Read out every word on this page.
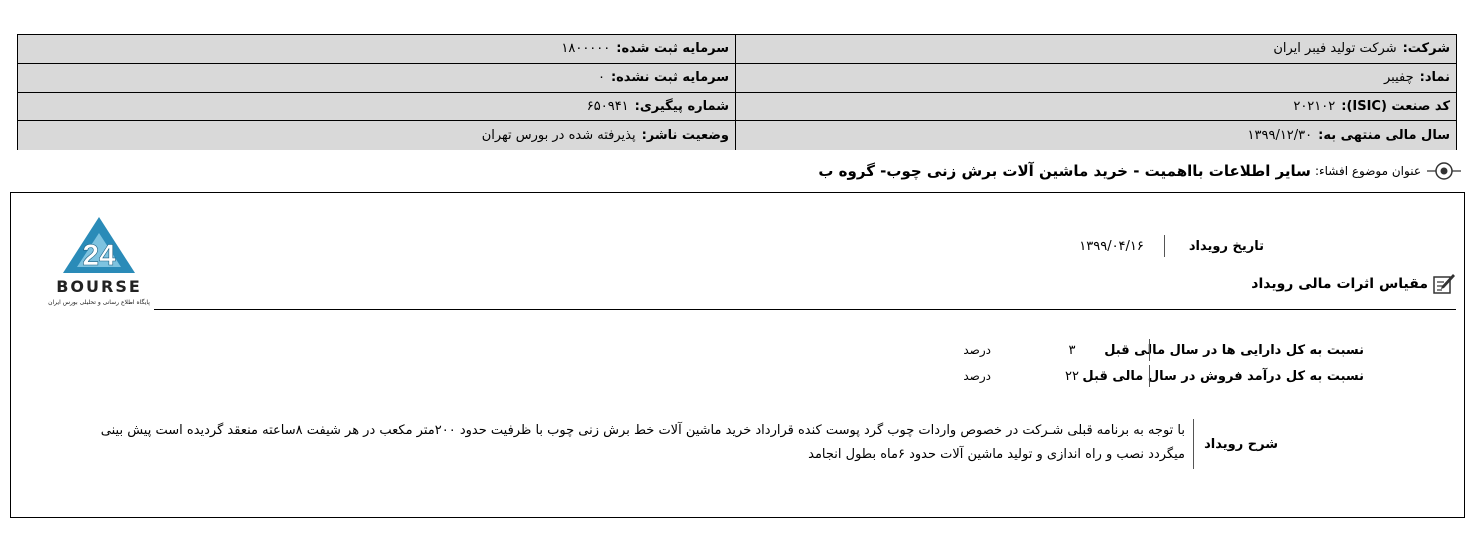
شرکت:
شرکت تولید فیبر ایران
سرمایه ثبت شده:
۱۸۰۰۰۰۰
نماد:
چفیبر
سرمایه ثبت نشده:
۰
کد صنعت (ISIC):
۲۰۲۱۰۲
شماره پیگیری:
۶۵۰۹۴۱
سال مالی منتهی به:
۱۳۹۹/۱۲/۳۰
وضعیت ناشر:
پذیرفته شده در بورس تهران
عنوان موضوع افشاء:
سایر اطلاعات بااهمیت - خرید ماشین آلات برش زنی چوب- گروه ب
24
BOURSE
پایگاه اطلاع رسانی و تحلیلی بورس ایران
تاریخ رویداد
۱۳۹۹/۰۴/۱۶
مقیاس اثرات مالی رویداد
نسبت به کل دارایی ها در سال مالی قبل
۳
درصد
نسبت به کل درآمد فروش در سال مالی قبل
۲۲
درصد
شرح رویداد
با توجه به برنامه قبلی شـرکت در خصوص واردات چوب گرد پوست کنده قرارداد خرید ماشین آلات خط برش زنی چوب با ظرفیت حدود ۲۰۰متر مکعب در هر شیفت ۸ساعته منعقد گردیده است پیش بینی
میگردد نصب و راه اندازی و تولید ماشین آلات حدود ۶ماه بطول انجامد
